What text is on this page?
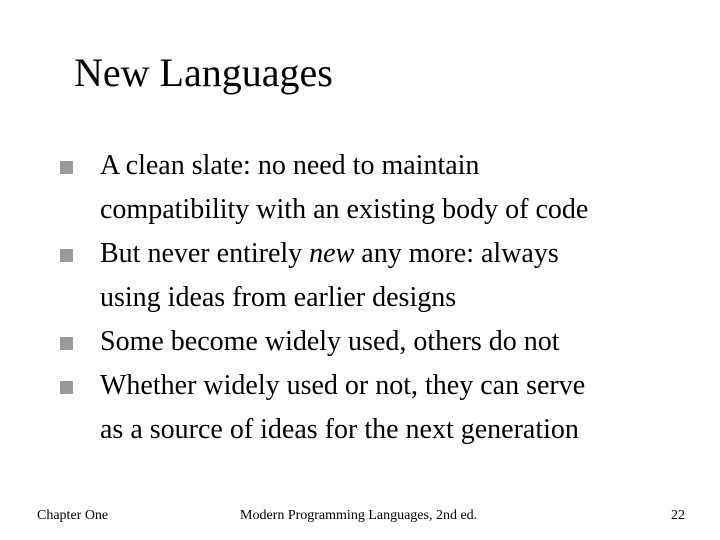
New Languages
A clean slate: no need to maintain
compatibility with an existing body of code
But never entirely new any more: always
using ideas from earlier designs
Some become widely used, others do not
Whether widely used or not, they can serve
as a source of ideas for the next generation
Chapter One	Modern Programming Languages, 2nd ed.	22
